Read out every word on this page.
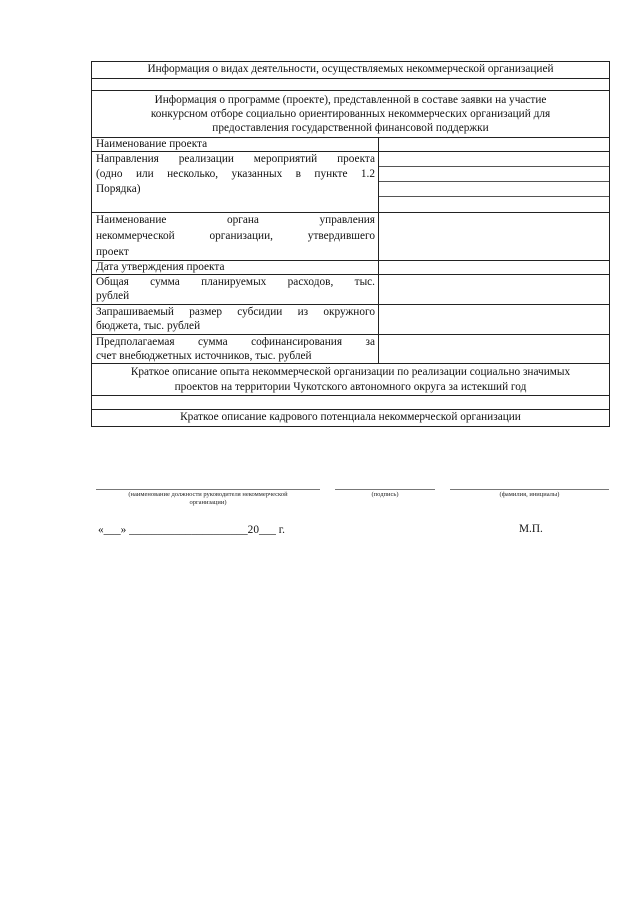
Информация о видах деятельности, осуществляемых некоммерческой организацией
Информация о программе (проекте), представленной в составе заявки на участие
конкурсном отборе социально ориентированных некоммерческих организаций для
предоставления государственной финансовой поддержки
Наименование проекта
Направления реализации мероприятий проекта
(одно или несколько, указанных в пункте 1.2
Порядка)
Наименование органа управления
некоммерческой организации, утвердившего
проект
Дата утверждения проекта
Общая сумма планируемых расходов, тыс.
рублей
Запрашиваемый размер субсидии из окружного
бюджета, тыс. рублей
Предполагаемая сумма софинансирования за
счет внебюджетных источников, тыс. рублей
Краткое описание опыта некоммерческой организации по реализации социально значимых
проектов на территории Чукотского автономного округа за истекший год
Краткое описание кадрового потенциала некоммерческой организации
(наименование должности руководителя некоммерческой
организации)
(подпись)	(фамилия, инициалы)
«___» _____________________20___ г.	М.П.
